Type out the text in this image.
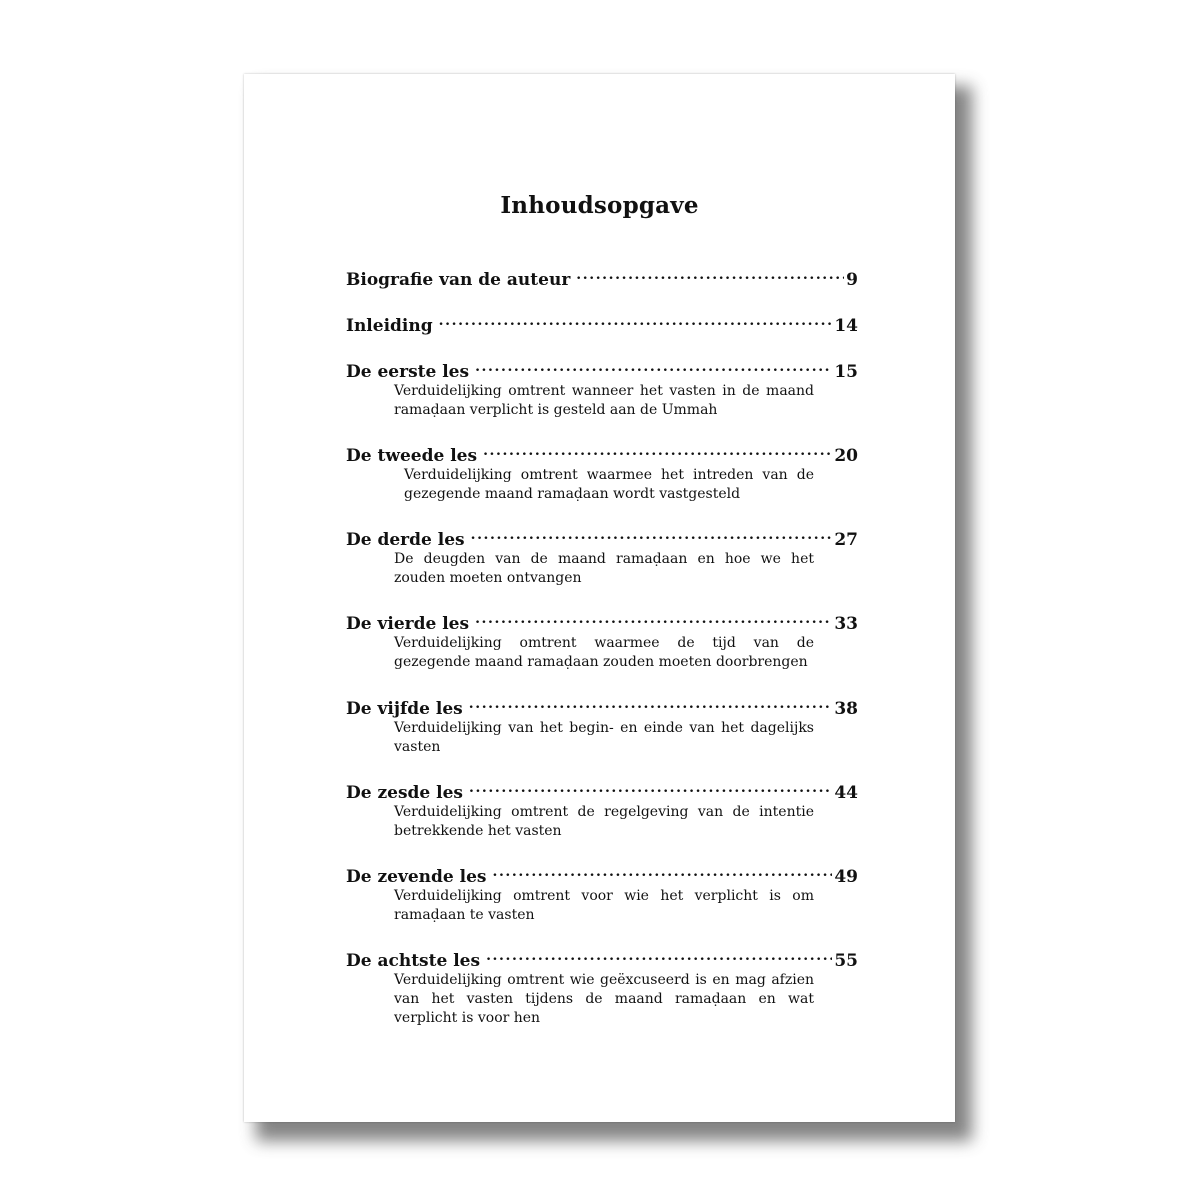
Inhoudsopgave
Biografie van de auteur .....	9
Inleiding .....	14
De eerste les .....	15
Verduidelijking omtrent wanneer het vasten in de maand ramaḍaan verplicht is gesteld aan de Ummah
De tweede les .....	20
Verduidelijking omtrent waarmee het intreden van de gezegende maand ramaḍaan wordt vastgesteld
De derde les .....	27
De deugden van de maand ramaḍaan en hoe we het zouden moeten ontvangen
De vierde les .....	33
Verduidelijking omtrent waarmee de tijd van de gezegende maand ramaḍaan zouden moeten doorbrengen
De vijfde les .....	38
Verduidelijking van het begin- en einde van het dagelijks vasten
De zesde les .....	44
Verduidelijking omtrent de regelgeving van de intentie betrekkende het vasten
De zevende les .....	49
Verduidelijking omtrent voor wie het verplicht is om ramaḍaan te vasten
De achtste les .....	55
Verduidelijking omtrent wie geëxcuseerd is en mag afzien van het vasten tijdens de maand ramaḍaan en wat verplicht is voor hen
